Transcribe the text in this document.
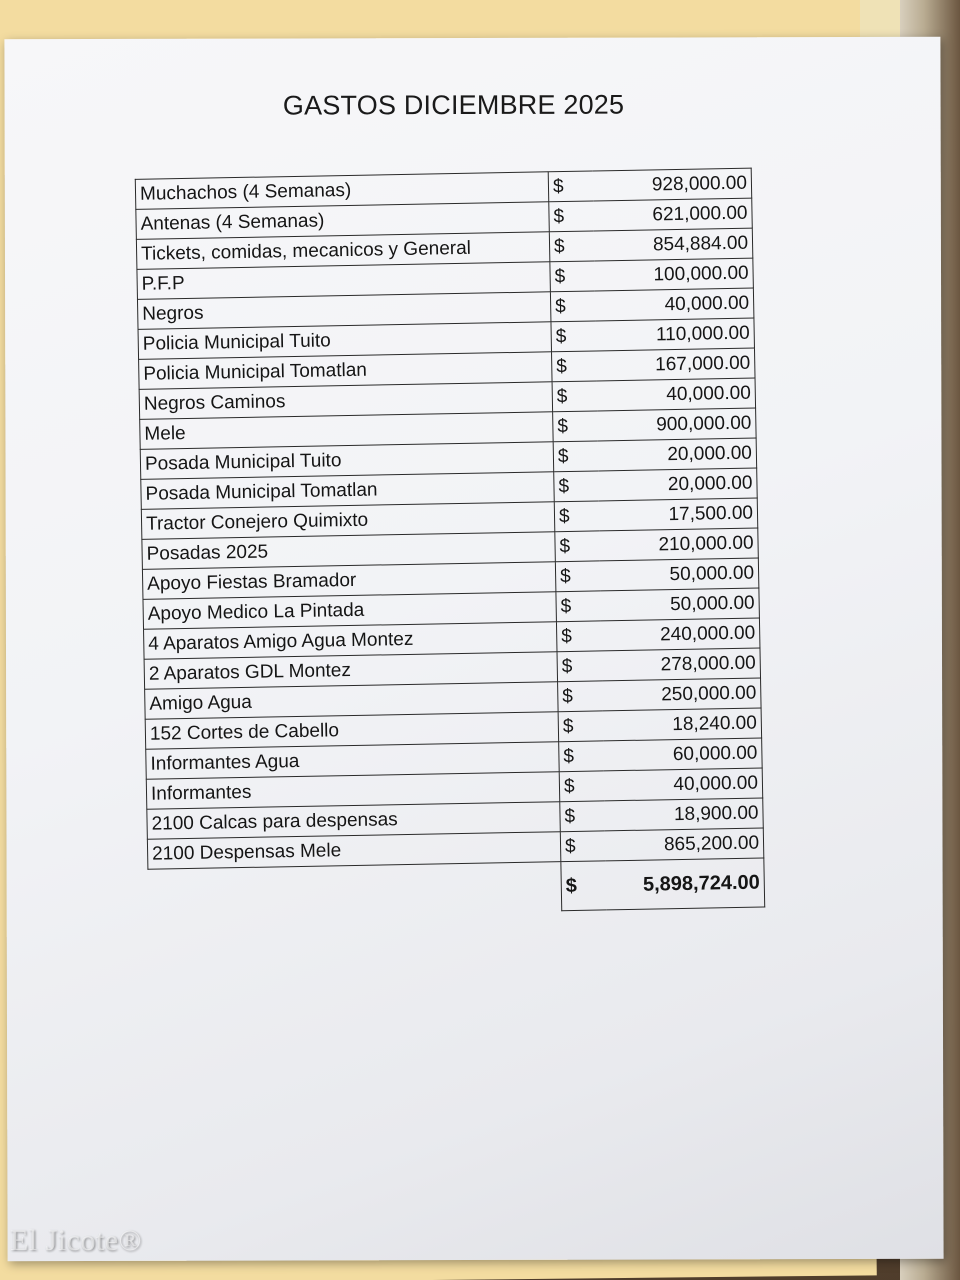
GASTOS DICIEMBRE 2025
Muchachos (4 Semanas)	$	928,000.00
Antenas (4 Semanas)	$	621,000.00
Tickets, comidas, mecanicos y General	$	854,884.00
P.F.P	$	100,000.00
Negros	$	40,000.00
Policia Municipal Tuito	$	110,000.00
Policia Municipal Tomatlan	$	167,000.00
Negros Caminos	$	40,000.00
Mele	$	900,000.00
Posada Municipal Tuito	$	20,000.00
Posada Municipal Tomatlan	$	20,000.00
Tractor Conejero Quimixto	$	17,500.00
Posadas 2025	$	210,000.00
Apoyo Fiestas Bramador	$	50,000.00
Apoyo Medico La Pintada	$	50,000.00
4 Aparatos Amigo Agua Montez	$	240,000.00
2 Aparatos GDL Montez	$	278,000.00
Amigo Agua	$	250,000.00
152 Cortes de Cabello	$	18,240.00
Informantes Agua	$	60,000.00
Informantes	$	40,000.00
2100 Calcas para despensas	$	18,900.00
2100 Despensas Mele	$	865,200.00
	$	5,898,724.00
El Jicote®
